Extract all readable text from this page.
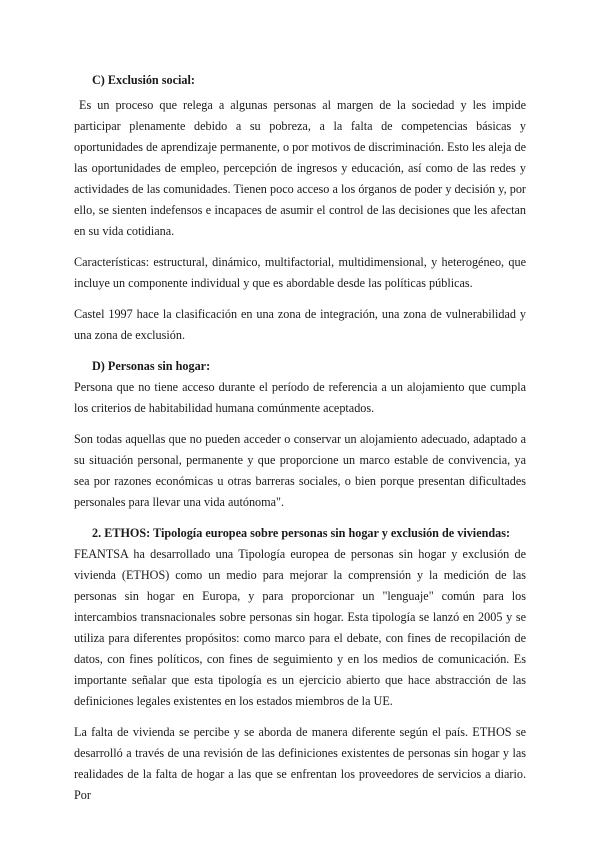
C) Exclusión social:

Es un proceso que relega a algunas personas al margen de la sociedad y les impide participar plenamente debido a su pobreza, a la falta de competencias básicas y oportunidades de aprendizaje permanente, o por motivos de discriminación. Esto les aleja de las oportunidades de empleo, percepción de ingresos y educación, así como de las redes y actividades de las comunidades. Tienen poco acceso a los órganos de poder y decisión y, por ello, se sienten indefensos e incapaces de asumir el control de las decisiones que les afectan en su vida cotidiana.

Características: estructural, dinámico, multifactorial, multidimensional, y heterogéneo, que incluye un componente individual y que es abordable desde las políticas públicas.

Castel 1997 hace la clasificación en una zona de integración, una zona de vulnerabilidad y una zona de exclusión.

D) Personas sin hogar:

Persona que no tiene acceso durante el período de referencia a un alojamiento que cumpla los criterios de habitabilidad humana comúnmente aceptados.

Son todas aquellas que no pueden acceder o conservar un alojamiento adecuado, adaptado a su situación personal, permanente y que proporcione un marco estable de convivencia, ya sea por razones económicas u otras barreras sociales, o bien porque presentan dificultades personales para llevar una vida autónoma".

2. ETHOS: Tipología europea sobre personas sin hogar y exclusión de viviendas:

FEANTSA ha desarrollado una Tipología europea de personas sin hogar y exclusión de vivienda (ETHOS) como un medio para mejorar la comprensión y la medición de las personas sin hogar en Europa, y para proporcionar un "lenguaje" común para los intercambios transnacionales sobre personas sin hogar. Esta tipología se lanzó en 2005 y se utiliza para diferentes propósitos: como marco para el debate, con fines de recopilación de datos, con fines políticos, con fines de seguimiento y en los medios de comunicación. Es importante señalar que esta tipología es un ejercicio abierto que hace abstracción de las definiciones legales existentes en los estados miembros de la UE.

La falta de vivienda se percibe y se aborda de manera diferente según el país. ETHOS se desarrolló a través de una revisión de las definiciones existentes de personas sin hogar y las realidades de la falta de hogar a las que se enfrentan los proveedores de servicios a diario. Por
